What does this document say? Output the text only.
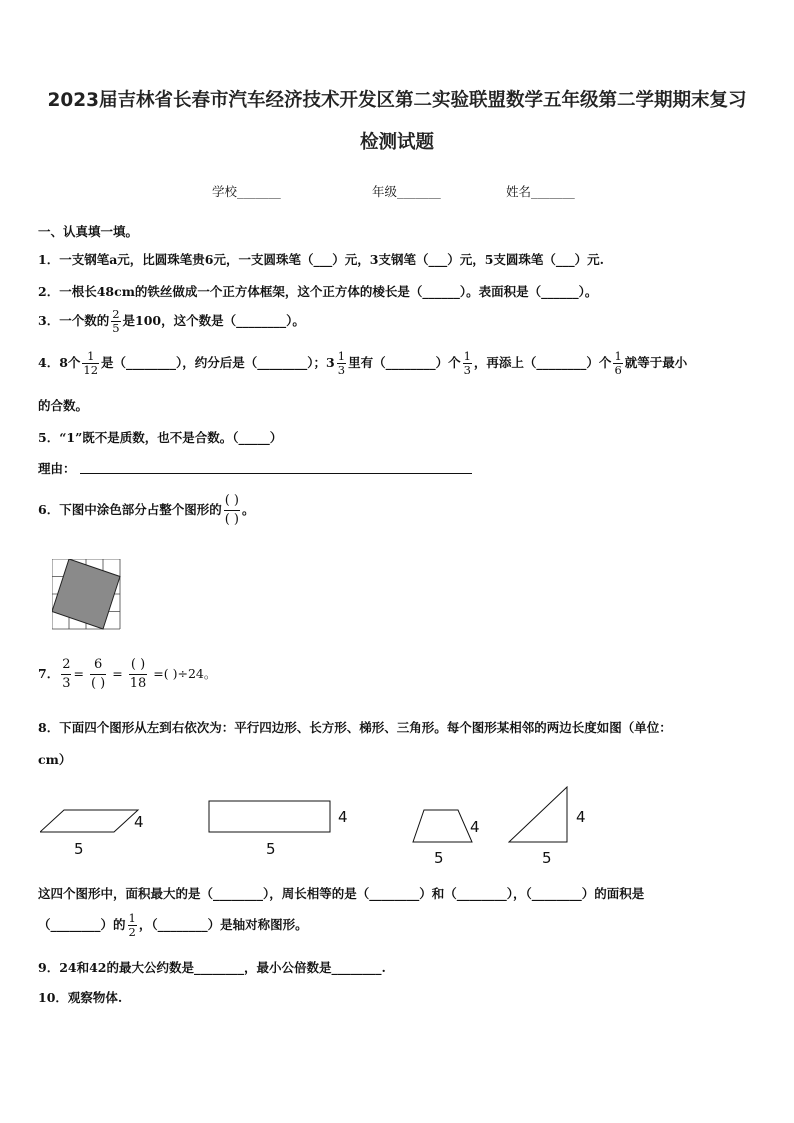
2023届吉林省长春市汽车经济技术开发区第二实验联盟数学五年级第二学期期末复习
检测试题
学校_______	年级_______	姓名_______
一、认真填一填。
1．一支钢笔a元，比圆珠笔贵6元，一支圆珠笔（___）元，3支钢笔（___）元，5支圆珠笔（___）元.
2．一根长48cm的铁丝做成一个正方体框架，这个正方体的棱长是（______）。表面积是（______）。
3．一个数的 $\frac{2}{5}$ 是100，这个数是（________）。
4．8个 $\frac{1}{12}$ 是（________），约分后是（________）；$3 \frac{1}{3}$ 里有（________）个 $\frac{1}{3}$ ，再添上（________）个 $\frac{1}{6}$ 就等于最小
的合数。
5．“1”既不是质数，也不是合数。（_____）
理由：
6．下图中涂色部分占整个图形的 $\frac{( )}{( )}$ 。
7． $\frac{2}{3} = \frac{6}{( )} = \frac{( )}{18}$ =( )÷24。
8．下面四个图形从左到右依次为：平行四边形、长方形、梯形、三角形。每个图形某相邻的两边长度如图（单位：
cm）
4
5
4
5
4
5
4
5
这四个图形中，面积最大的是（________），周长相等的是（________）和（________），（________）的面积是
（________）的 $\frac{1}{2}$ ，（________）是轴对称图形。
9．24和42的最大公约数是________，最小公倍数是________.
10．观察物体.
